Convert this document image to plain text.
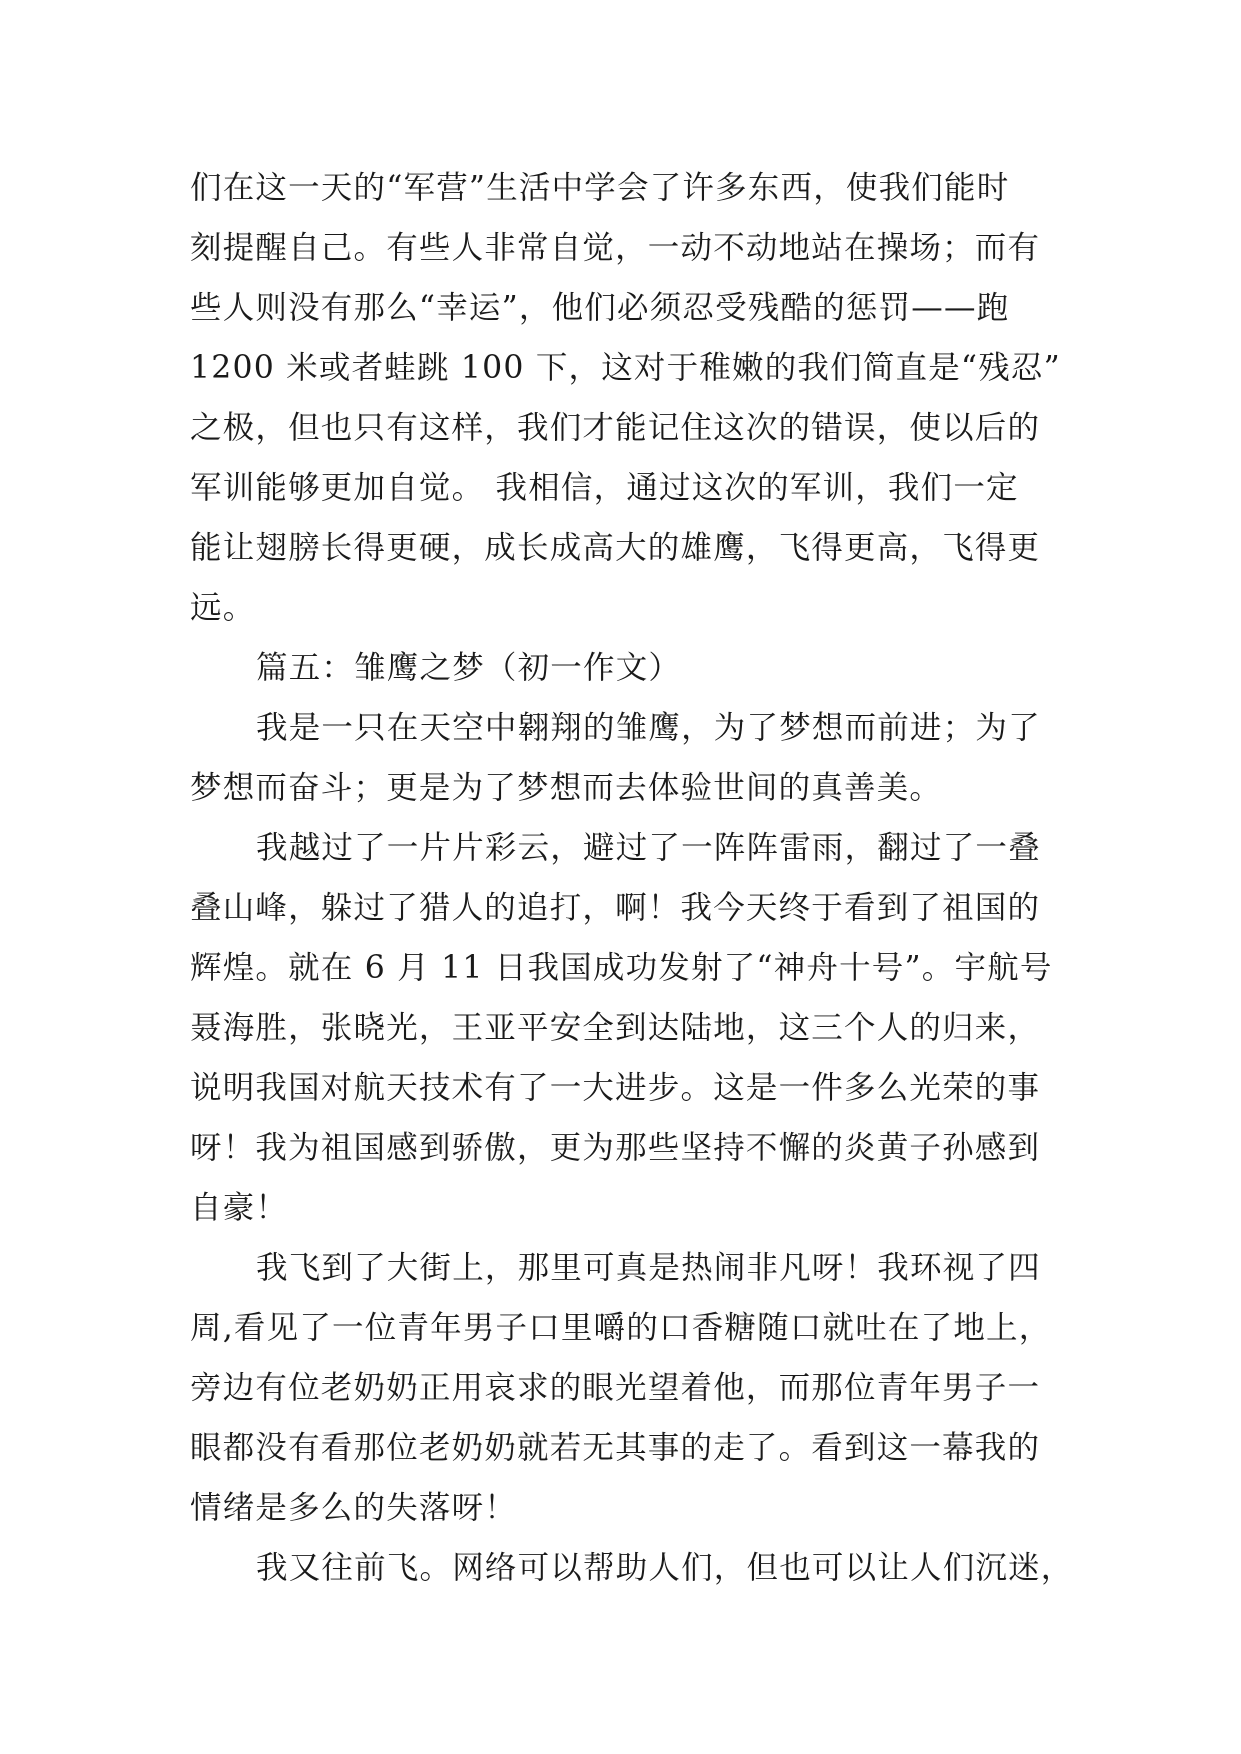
们在这一天的“军营”生活中学会了许多东西，使我们能时
刻提醒自己。有些人非常自觉，一动不动地站在操场；而有
些人则没有那么“幸运”，他们必须忍受残酷的惩罚——跑
1200 米或者蛙跳 100 下，这对于稚嫩的我们简直是“残忍”
之极，但也只有这样，我们才能记住这次的错误，使以后的
军训能够更加自觉。 我相信，通过这次的军训，我们一定
能让翅膀长得更硬，成长成高大的雄鹰，飞得更高，飞得更
远。
篇五：雏鹰之梦（初一作文）
我是一只在天空中翱翔的雏鹰，为了梦想而前进；为了
梦想而奋斗；更是为了梦想而去体验世间的真善美。
我越过了一片片彩云，避过了一阵阵雷雨，翻过了一叠
叠山峰，躲过了猎人的追打，啊！我今天终于看到了祖国的
辉煌。就在 6 月 11 日我国成功发射了“神舟十号”。宇航号
聂海胜，张晓光，王亚平安全到达陆地，这三个人的归来，
说明我国对航天技术有了一大进步。这是一件多么光荣的事
呀！我为祖国感到骄傲，更为那些坚持不懈的炎黄子孙感到
自豪！
我飞到了大街上，那里可真是热闹非凡呀！我环视了四
周,看见了一位青年男子口里嚼的口香糖随口就吐在了地上，
旁边有位老奶奶正用哀求的眼光望着他，而那位青年男子一
眼都没有看那位老奶奶就若无其事的走了。看到这一幕我的
情绪是多么的失落呀！
我又往前飞。网络可以帮助人们，但也可以让人们沉迷，
